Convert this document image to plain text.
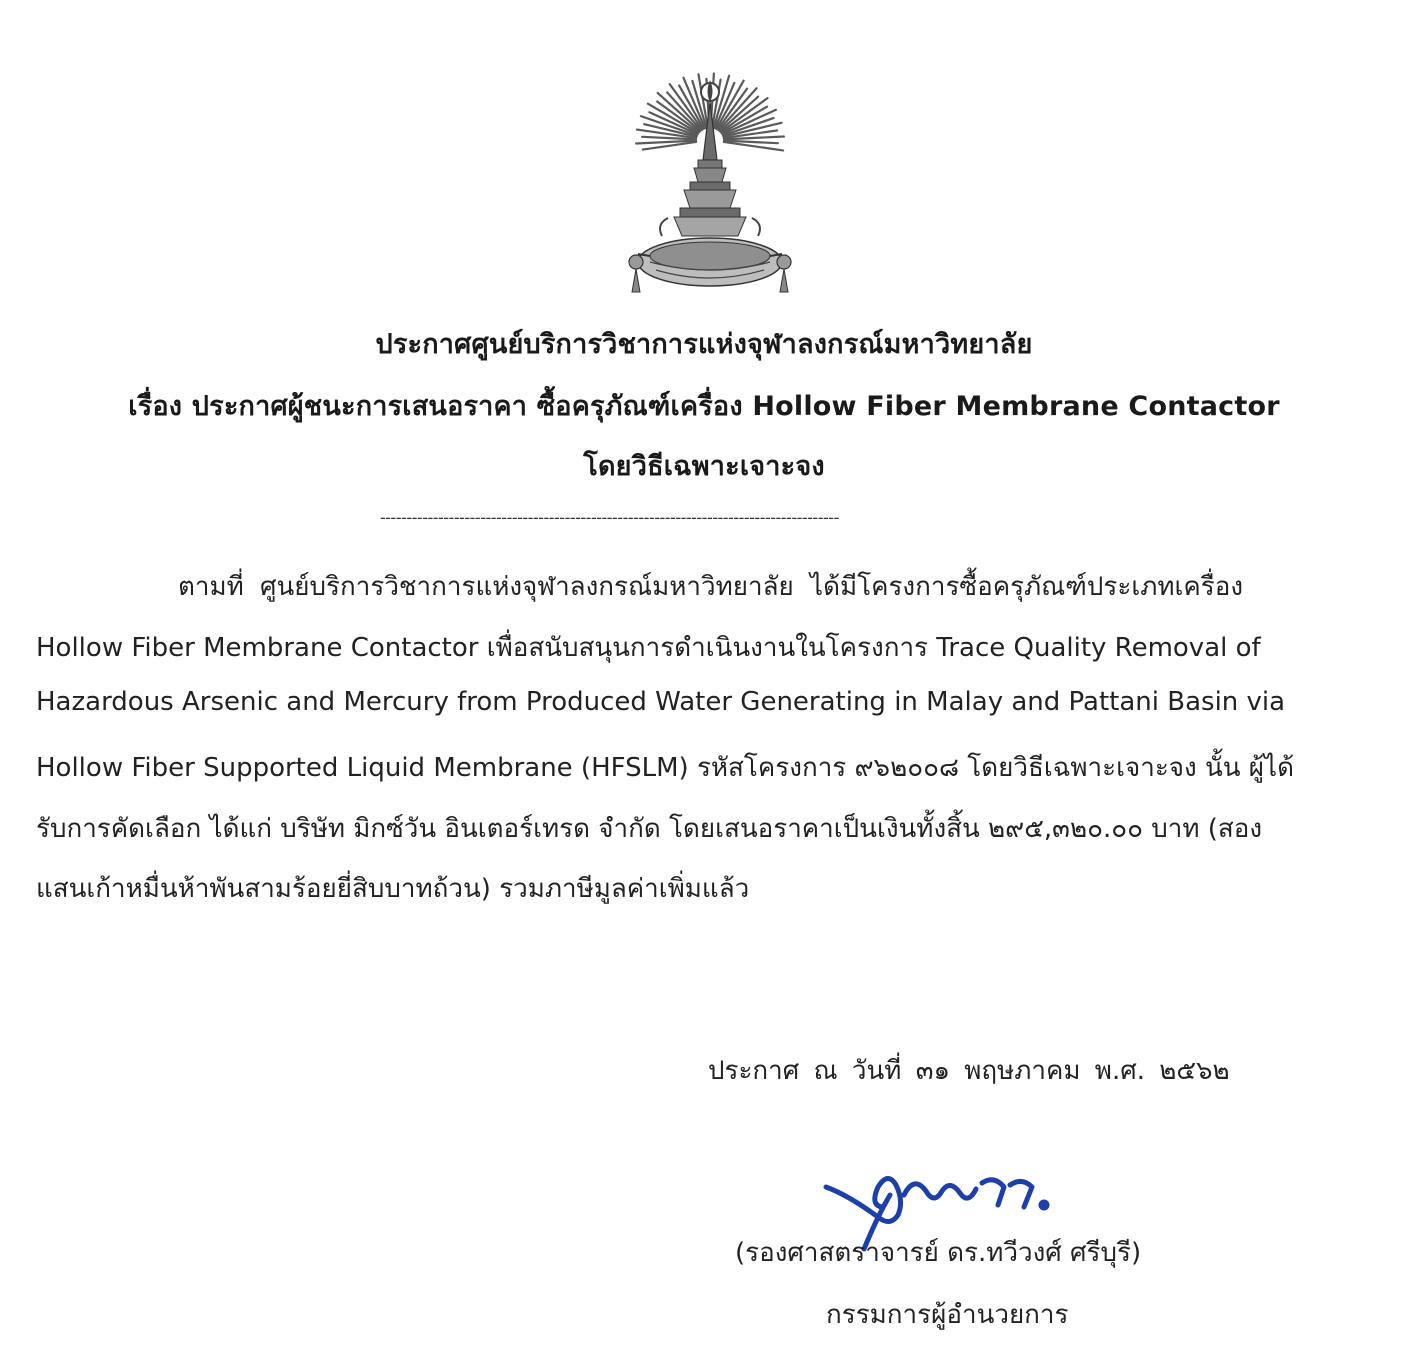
ประกาศศูนย์บริการวิชาการแห่งจุฬาลงกรณ์มหาวิทยาลัย
เรื่อง ประกาศผู้ชนะการเสนอราคา ซื้อครุภัณฑ์เครื่อง Hollow Fiber Membrane Contactor
โดยวิธีเฉพาะเจาะจง
---------------------------------------------------------------------------------------
ตามที่ ศูนย์บริการวิชาการแห่งจุฬาลงกรณ์มหาวิทยาลัย ได้มีโครงการซื้อครุภัณฑ์ประเภทเครื่อง
Hollow Fiber Membrane Contactor เพื่อสนับสนุนการดำเนินงานในโครงการ Trace Quality Removal of
Hazardous Arsenic and Mercury from Produced Water Generating in Malay and Pattani Basin via
Hollow Fiber Supported Liquid Membrane (HFSLM) รหัสโครงการ ๙๖๒๐๐๘ โดยวิธีเฉพาะเจาะจง นั้น ผู้ได้
รับการคัดเลือก ได้แก่ บริษัท มิกซ์วัน อินเตอร์เทรด จำกัด โดยเสนอราคาเป็นเงินทั้งสิ้น ๒๙๕,๓๒๐.๐๐ บาท (สอง
แสนเก้าหมื่นห้าพันสามร้อยยี่สิบบาทถ้วน) รวมภาษีมูลค่าเพิ่มแล้ว
ประกาศ ณ วันที่ ๓๑ พฤษภาคม พ.ศ. ๒๕๖๒
(รองศาสตราจารย์ ดร.ทวีวงศ์ ศรีบุรี)
กรรมการผู้อำนวยการ
